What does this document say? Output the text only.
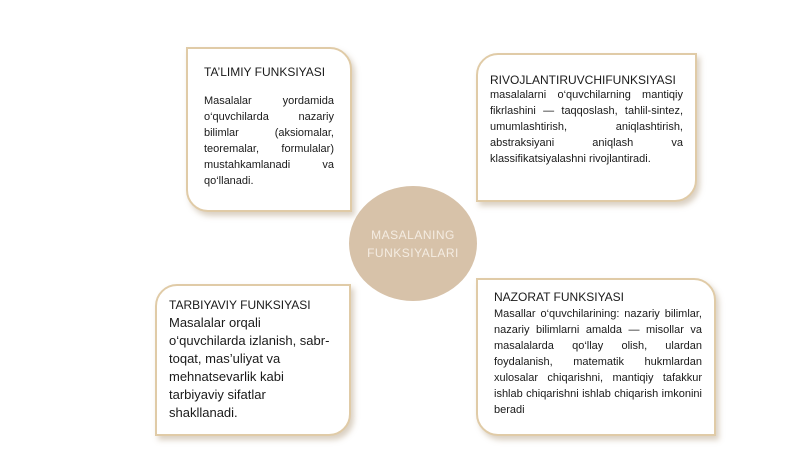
TA’LIMIY FUNKSIYASI
Masalalar yordamida o‘quvchilarda nazariy bilimlar (aksiomalar, teoremalar, formulalar) mustahkamlanadi va qo‘llanadi.
RIVOJLANTIRUVCHIFUNKSIYASI
masalalarni o‘quvchilarning mantiqiy fikrlashini — taqqoslash, tahlil-sintez, umumlashtirish, aniqlashtirish, abstraksiyani aniqlash va klassifikatsiyalashni rivojlantiradi.
MASALANING
FUNKSIYALARI
TARBIYAVIY FUNKSIYASI
Masalalar orqali o‘quvchilarda izlanish, sabr-toqat, mas’uliyat va mehnatsevarlik kabi tarbiyaviy sifatlar shakllanadi.
NAZORAT FUNKSIYASI
Masallar o‘quvchilarining: nazariy bilimlar, nazariy bilimlarni amalda — misollar va masalalarda qo‘llay olish, ulardan foydalanish, matematik hukmlardan xulosalar chiqarishni, mantiqiy tafakkur ishlab chiqarishni ishlab chiqarish imkonini beradi
